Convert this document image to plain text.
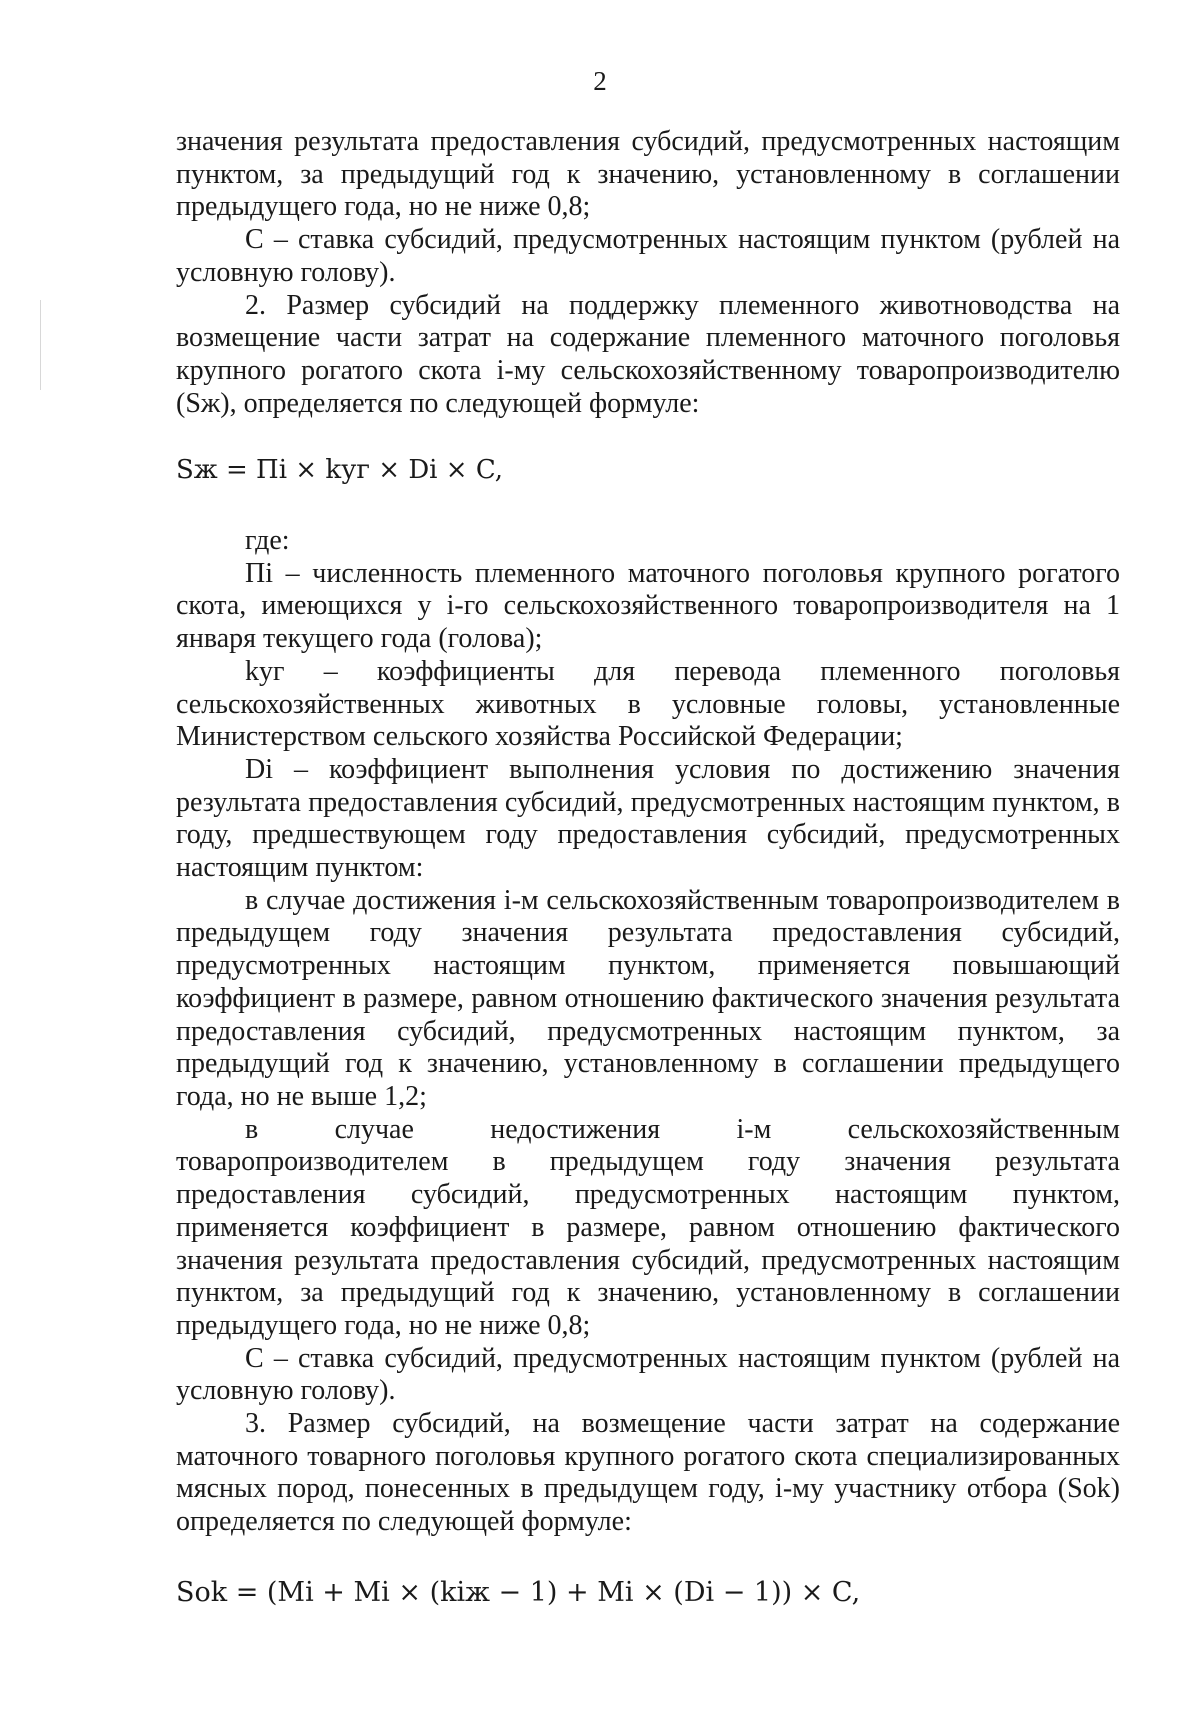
2

значения результата предоставления субсидий, предусмотренных настоящим пунктом, за предыдущий год к значению, установленному в соглашении предыдущего года, но не ниже 0,8;

С – ставка субсидий, предусмотренных настоящим пунктом (рублей на условную голову).

2. Размер субсидий на поддержку племенного животноводства на возмещение части затрат на содержание племенного маточного поголовья крупного рогатого скота i-му сельскохозяйственному товаропроизводителю (Sж), определяется по следующей формуле:

Sж = Пi × kуг × Di × C,

где:

Пi – численность племенного маточного поголовья крупного рогатого скота, имеющихся у i-го сельскохозяйственного товаропроизводителя на 1 января текущего года (голова);

kуг – коэффициенты для перевода племенного поголовья сельскохозяйственных животных в условные головы, установленные Министерством сельского хозяйства Российской Федерации;

Di – коэффициент выполнения условия по достижению значения результата предоставления субсидий, предусмотренных настоящим пунктом, в году, предшествующем году предоставления субсидий, предусмотренных настоящим пунктом:

в случае достижения i-м сельскохозяйственным товаропроизводителем в предыдущем году значения результата предоставления субсидий, предусмотренных настоящим пунктом, применяется повышающий коэффициент в размере, равном отношению фактического значения результата предоставления субсидий, предусмотренных настоящим пунктом, за предыдущий год к значению, установленному в соглашении предыдущего года, но не выше 1,2;

в случае недостижения i-м сельскохозяйственным товаропроизводителем в предыдущем году значения результата предоставления субсидий, предусмотренных настоящим пунктом, применяется коэффициент в размере, равном отношению фактического значения результата предоставления субсидий, предусмотренных настоящим пунктом, за предыдущий год к значению, установленному в соглашении предыдущего года, но не ниже 0,8;

С – ставка субсидий, предусмотренных настоящим пунктом (рублей на условную голову).

3. Размер субсидий, на возмещение части затрат на содержание маточного товарного поголовья крупного рогатого скота специализированных мясных пород, понесенных в предыдущем году, i-му участнику отбора (Sok) определяется по следующей формуле:

Sok = (Mi + Mi × (kiж − 1) + Mi × (Di − 1)) × C,
